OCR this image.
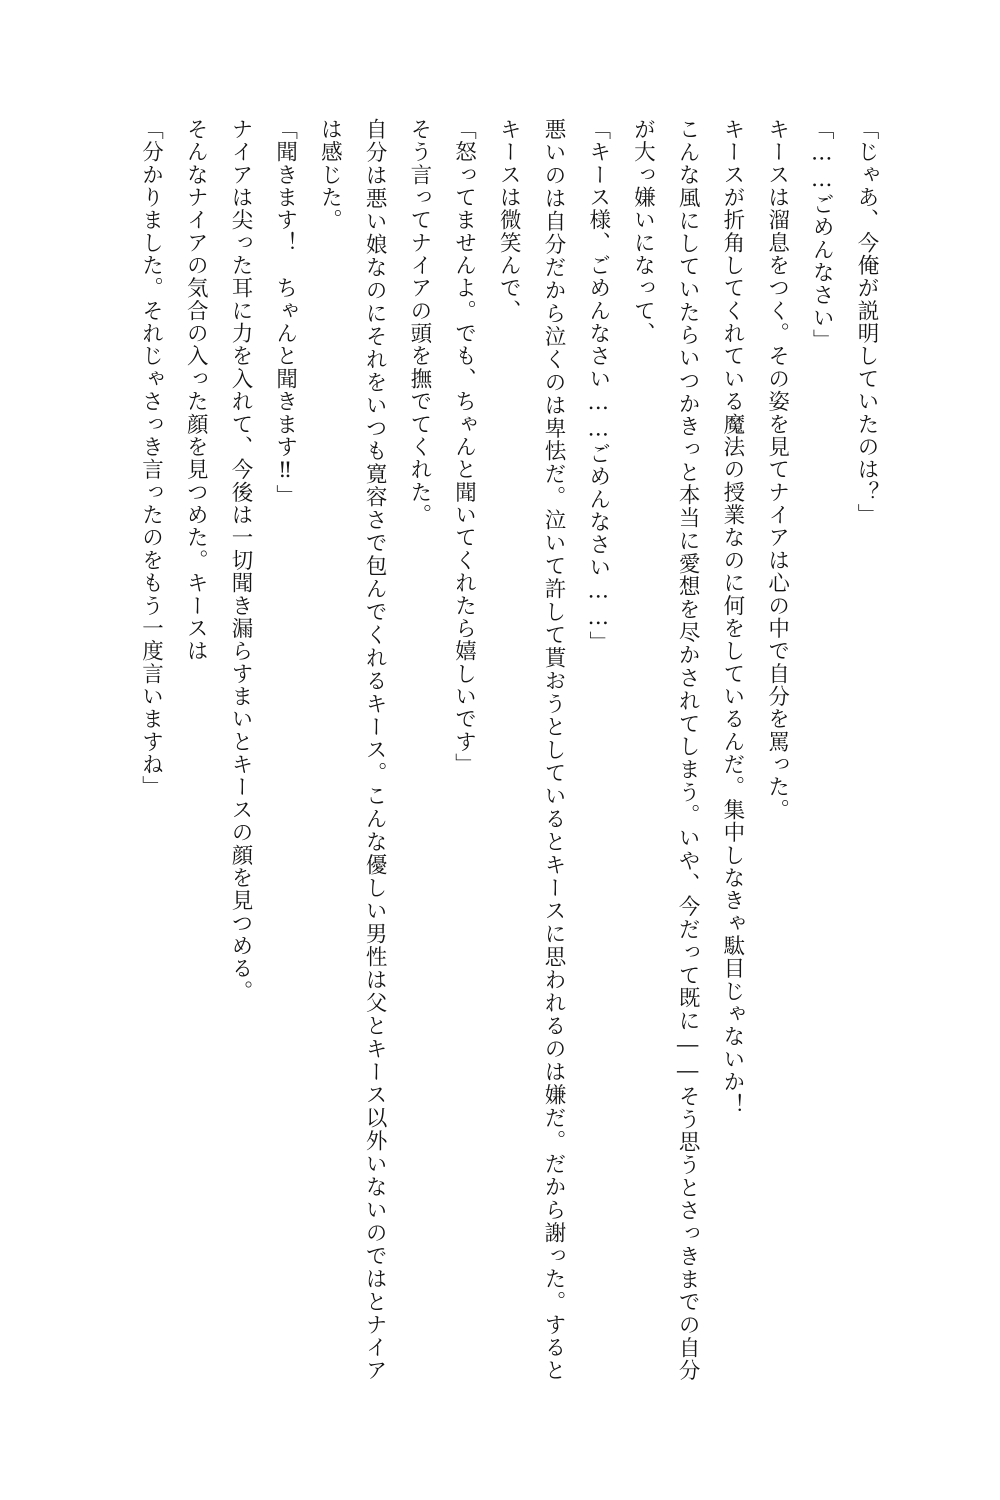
「じゃあ、今俺が説明していたのは？」

「……ごめんなさい」

キースは溜息をつく。その姿を見てナイアは心の中で自分を罵った。

キースが折角してくれている魔法の授業なのに何をしているんだ。集中しなきゃ駄目じゃないか！

こんな風にしていたらいつかきっと本当に愛想を尽かされてしまう。いや、今だって既に――そう思うとさっきまでの自分が大っ嫌いになって、

「キース様、ごめんなさい……ごめんなさい……」

悪いのは自分だから泣くのは卑怯だ。泣いて許して貰おうとしているとキースに思われるのは嫌だ。だから謝った。するとキースは微笑んで、

「怒ってませんよ。でも、ちゃんと聞いてくれたら嬉しいです」

そう言ってナイアの頭を撫でてくれた。

自分は悪い娘なのにそれをいつも寛容さで包んでくれるキース。こんな優しい男性は父とキース以外いないのではとナイアは感じた。

「聞きます！　ちゃんと聞きます‼」

ナイアは尖った耳に力を入れて、今後は一切聞き漏らすまいとキースの顔を見つめる。

そんなナイアの気合の入った顔を見つめた。キースは

「分かりました。それじゃさっき言ったのをもう一度言いますね」
